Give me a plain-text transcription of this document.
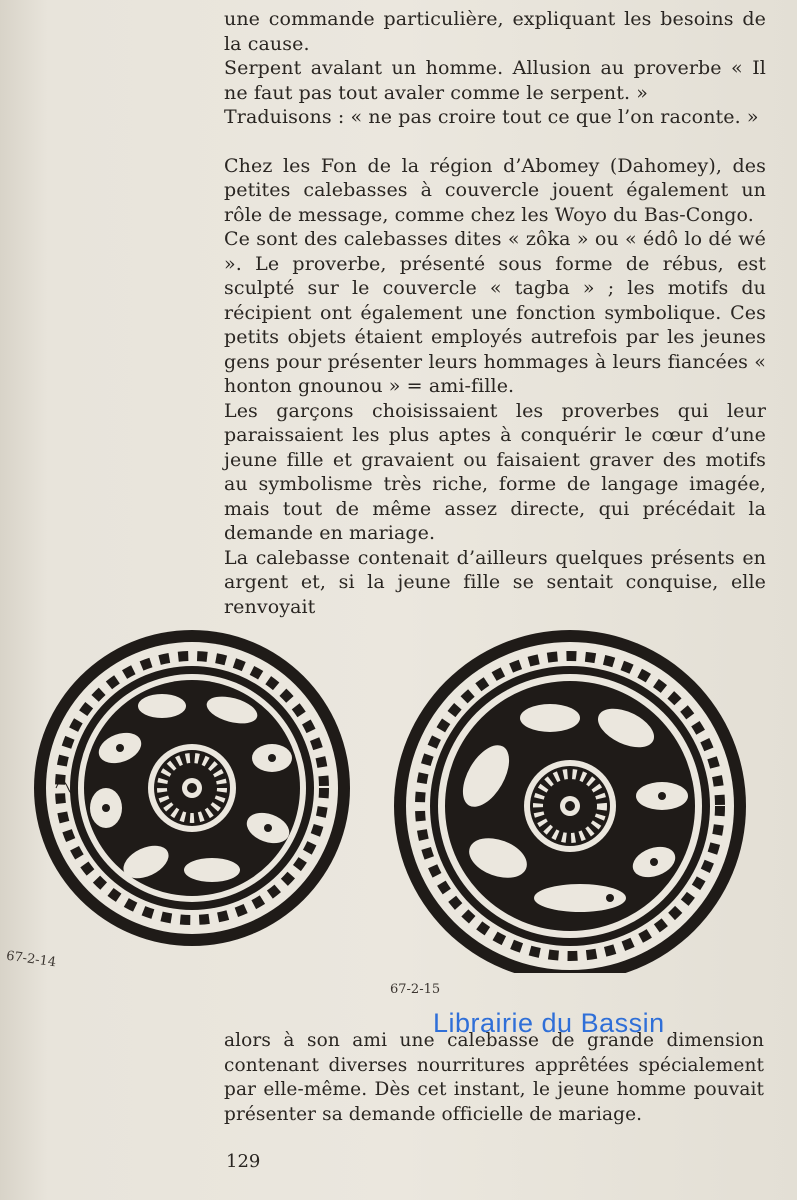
une commande particulière, expliquant les besoins de la cause.

Serpent avalant un homme. Allusion au proverbe « Il ne faut pas tout avaler comme le serpent. »

Traduisons : « ne pas croire tout ce que l’on raconte. »

Chez les Fon de la région d’Abomey (Dahomey), des petites calebasses à couvercle jouent également un rôle de message, comme chez les Woyo du Bas-Congo.

Ce sont des calebasses dites « zôka » ou « édô lo dé wé ». Le proverbe, présenté sous forme de rébus, est sculpté sur le couvercle « tagba » ; les motifs du récipient ont également une fonction symbolique. Ces petits objets étaient employés autrefois par les jeunes gens pour présenter leurs hommages à leurs fiancées « honton gnounou » = ami-fille.

Les garçons choisissaient les proverbes qui leur paraissaient les plus aptes à conquérir le cœur d’une jeune fille et gravaient ou faisaient graver des motifs au symbolisme très riche, forme de langage imagée, mais tout de même assez directe, qui précédait la demande en mariage.

La calebasse contenait d’ailleurs quelques présents en argent et, si la jeune fille se sentait conquise, elle renvoyait

67-2-14
67-2-15
Librairie du Bassin

alors à son ami une calebasse de grande dimension contenant diverses nourritures apprêtées spécialement par elle-même. Dès cet instant, le jeune homme pouvait présenter sa demande officielle de mariage.

129
